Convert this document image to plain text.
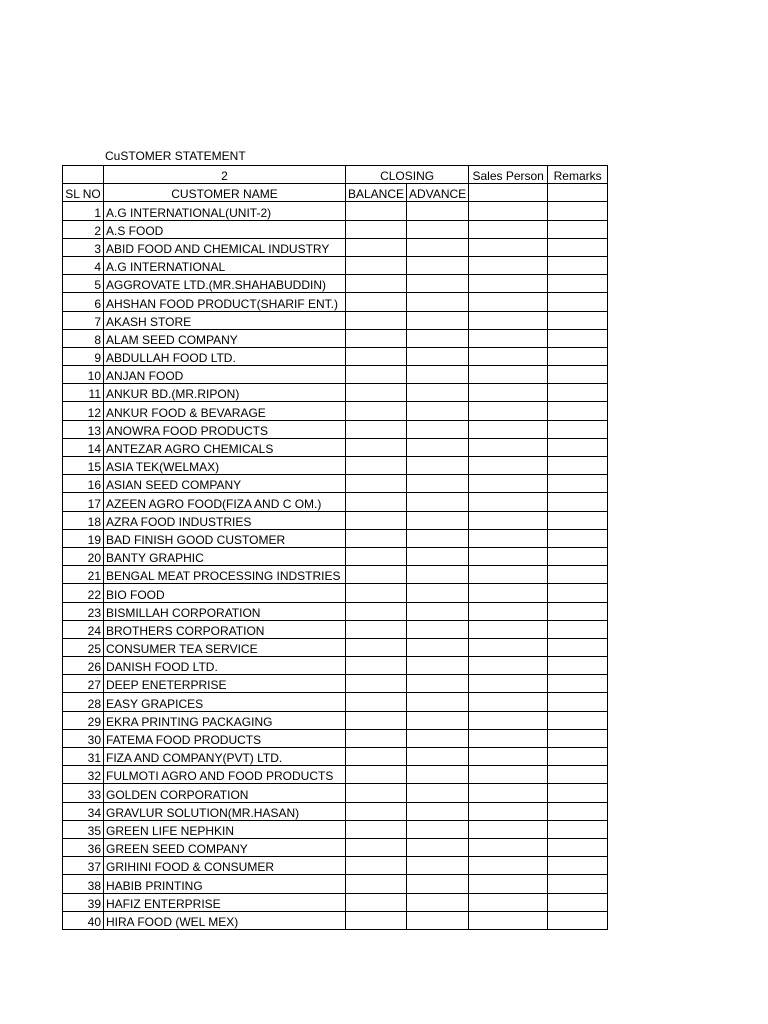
CuSTOMER STATEMENT
	2	CLOSING		Sales Person	Remarks
SL NO	CUSTOMER NAME	BALANCE	ADVANCE		
1	A.G INTERNATIONAL(UNIT-2)				
2	A.S FOOD				
3	ABID FOOD AND CHEMICAL INDUSTRY				
4	A.G INTERNATIONAL				
5	AGGROVATE LTD.(MR.SHAHABUDDIN)				
6	AHSHAN FOOD PRODUCT(SHARIF ENT.)				
7	AKASH STORE				
8	ALAM SEED COMPANY				
9	ABDULLAH FOOD LTD.				
10	ANJAN FOOD				
11	ANKUR BD.(MR.RIPON)				
12	ANKUR FOOD & BEVARAGE				
13	ANOWRA FOOD PRODUCTS				
14	ANTEZAR AGRO CHEMICALS				
15	ASIA TEK(WELMAX)				
16	ASIAN SEED COMPANY				
17	AZEEN AGRO FOOD(FIZA AND C OM.)				
18	AZRA FOOD INDUSTRIES				
19	BAD FINISH GOOD CUSTOMER				
20	BANTY GRAPHIC				
21	BENGAL MEAT PROCESSING INDSTRIES				
22	BIO FOOD				
23	BISMILLAH CORPORATION				
24	BROTHERS CORPORATION				
25	CONSUMER TEA SERVICE				
26	DANISH FOOD LTD.				
27	DEEP ENETERPRISE				
28	EASY GRAPICES				
29	EKRA PRINTING PACKAGING				
30	FATEMA FOOD PRODUCTS				
31	FIZA AND COMPANY(PVT) LTD.				
32	FULMOTI AGRO AND FOOD PRODUCTS				
33	GOLDEN CORPORATION				
34	GRAVLUR SOLUTION(MR.HASAN)				
35	GREEN LIFE NEPHKIN				
36	GREEN SEED COMPANY				
37	GRIHINI FOOD & CONSUMER				
38	HABIB PRINTING				
39	HAFIZ ENTERPRISE				
40	HIRA FOOD (WEL MEX)				
